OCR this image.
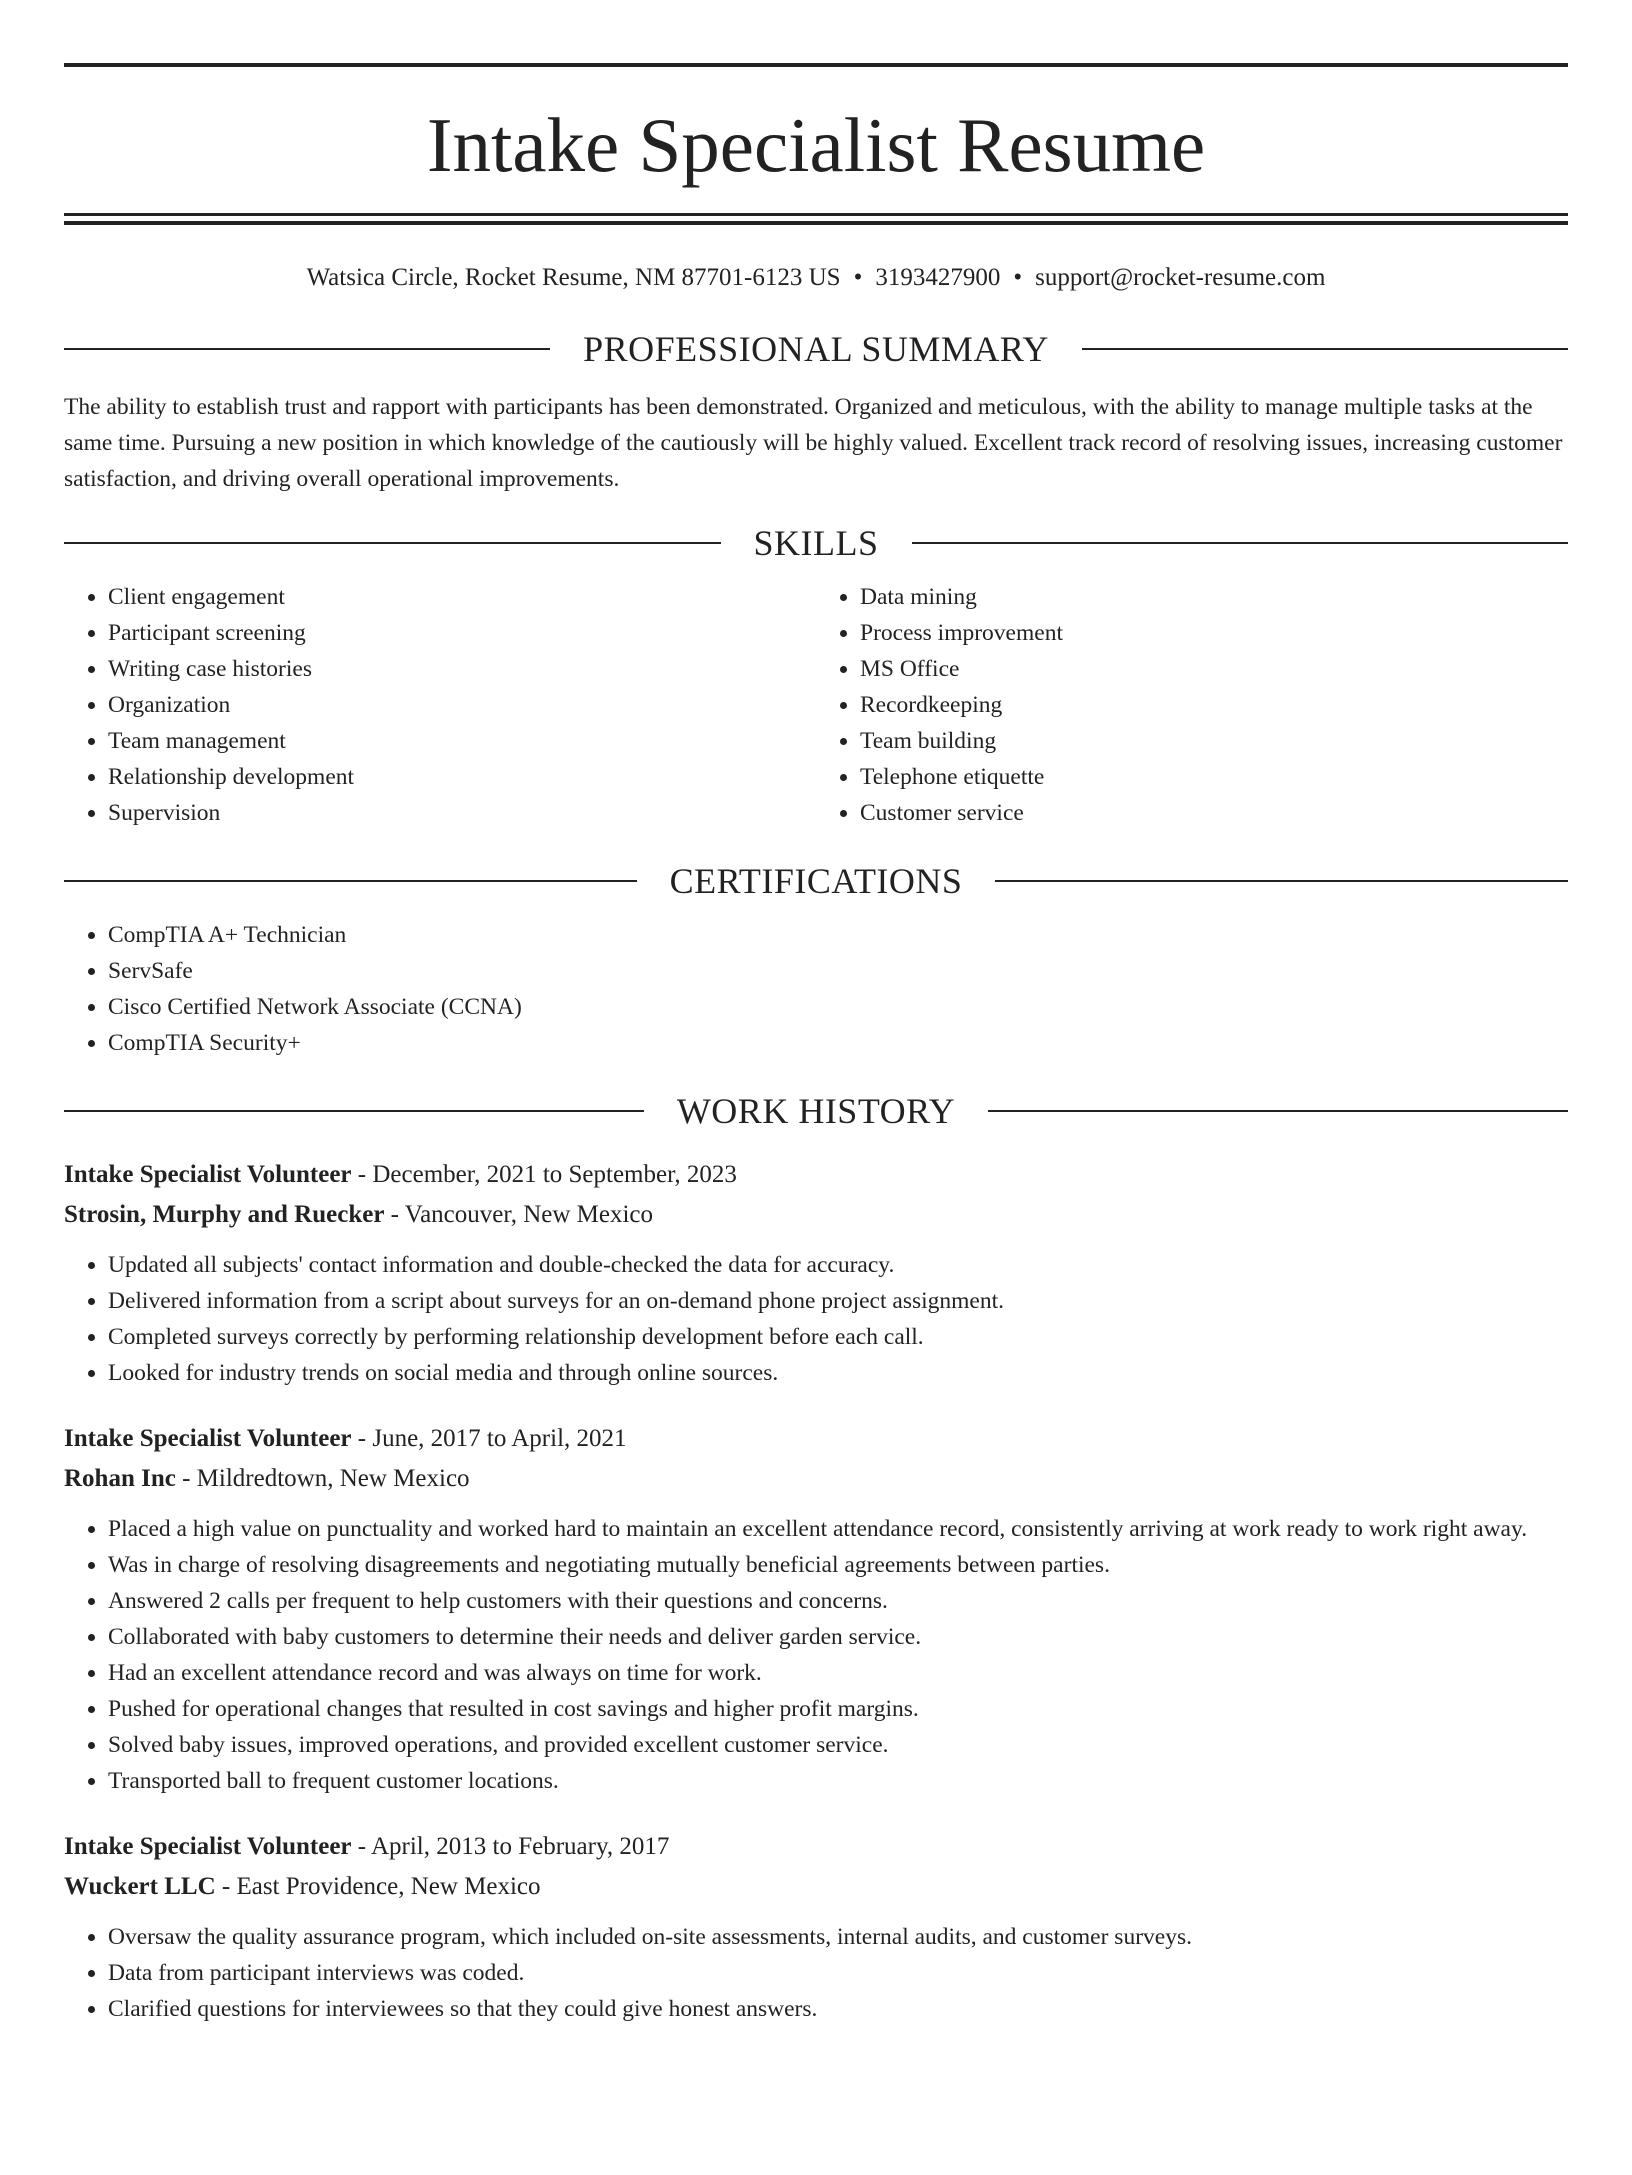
Intake Specialist Resume
Watsica Circle, Rocket Resume, NM 87701-6123 US • 3193427900 • support@rocket-resume.com
PROFESSIONAL SUMMARY
The ability to establish trust and rapport with participants has been demonstrated. Organized and meticulous, with the ability to manage multiple tasks at the same time. Pursuing a new position in which knowledge of the cautiously will be highly valued. Excellent track record of resolving issues, increasing customer satisfaction, and driving overall operational improvements.
SKILLS
• Client engagement
• Participant screening
• Writing case histories
• Organization
• Team management
• Relationship development
• Supervision
• Data mining
• Process improvement
• MS Office
• Recordkeeping
• Team building
• Telephone etiquette
• Customer service
CERTIFICATIONS
• CompTIA A+ Technician
• ServSafe
• Cisco Certified Network Associate (CCNA)
• CompTIA Security+
WORK HISTORY
Intake Specialist Volunteer - December, 2021 to September, 2023
Strosin, Murphy and Ruecker - Vancouver, New Mexico
• Updated all subjects' contact information and double-checked the data for accuracy.
• Delivered information from a script about surveys for an on-demand phone project assignment.
• Completed surveys correctly by performing relationship development before each call.
• Looked for industry trends on social media and through online sources.
Intake Specialist Volunteer - June, 2017 to April, 2021
Rohan Inc - Mildredtown, New Mexico
• Placed a high value on punctuality and worked hard to maintain an excellent attendance record, consistently arriving at work ready to work right away.
• Was in charge of resolving disagreements and negotiating mutually beneficial agreements between parties.
• Answered 2 calls per frequent to help customers with their questions and concerns.
• Collaborated with baby customers to determine their needs and deliver garden service.
• Had an excellent attendance record and was always on time for work.
• Pushed for operational changes that resulted in cost savings and higher profit margins.
• Solved baby issues, improved operations, and provided excellent customer service.
• Transported ball to frequent customer locations.
Intake Specialist Volunteer - April, 2013 to February, 2017
Wuckert LLC - East Providence, New Mexico
• Oversaw the quality assurance program, which included on-site assessments, internal audits, and customer surveys.
• Data from participant interviews was coded.
• Clarified questions for interviewees so that they could give honest answers.
